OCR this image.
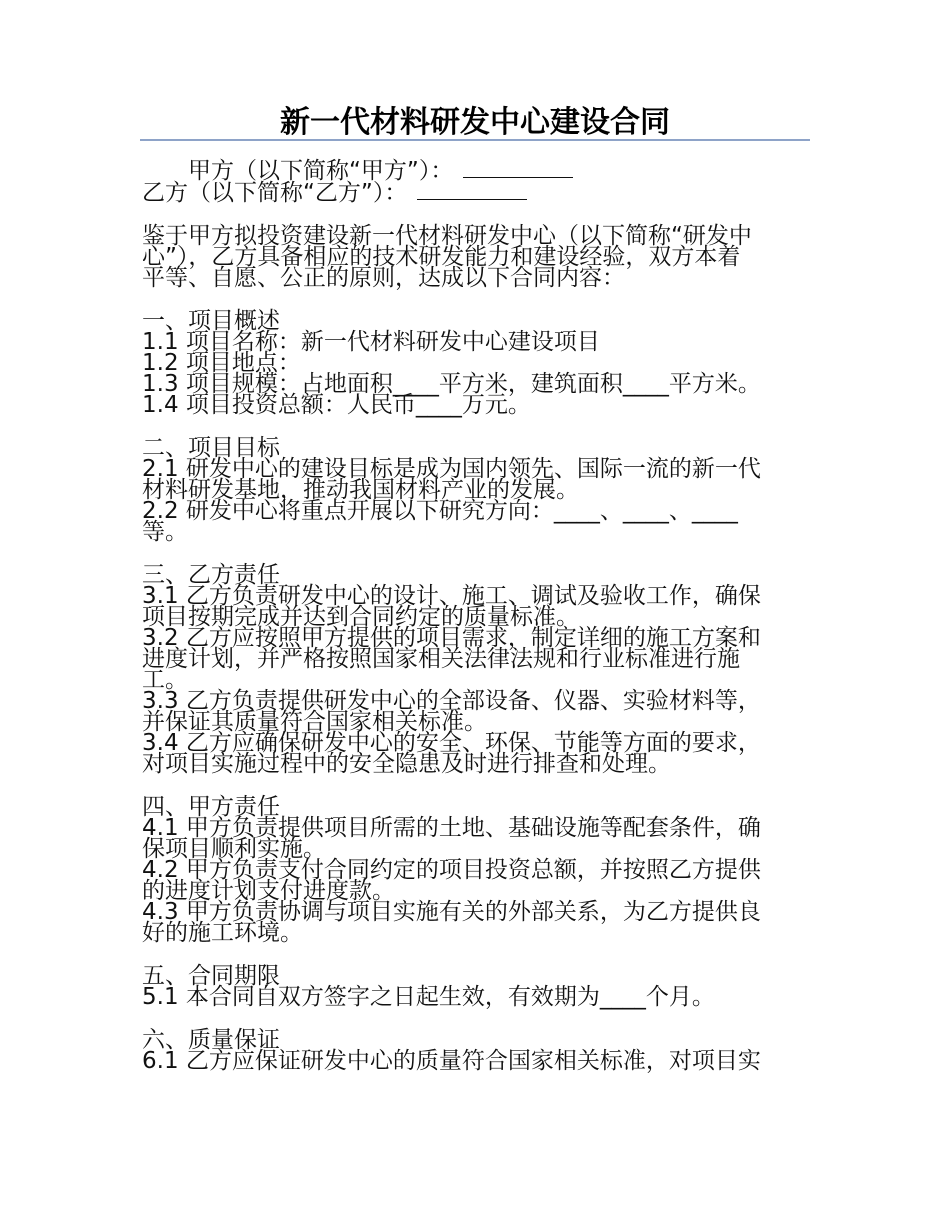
新一代材料研发中心建设合同
甲方（以下简称“甲方”）：
乙方（以下简称“乙方”）：
鉴于甲方拟投资建设新一代材料研发中心（以下简称“研发中
心”），乙方具备相应的技术研发能力和建设经验，双方本着
平等、自愿、公正的原则，达成以下合同内容：
一、项目概述
1.1 项目名称：新一代材料研发中心建设项目
1.2 项目地点：
1.3 项目规模：占地面积____平方米，建筑面积____平方米。
1.4 项目投资总额：人民币____万元。
二、项目目标
2.1 研发中心的建设目标是成为国内领先、国际一流的新一代
材料研发基地，推动我国材料产业的发展。
2.2 研发中心将重点开展以下研究方向：____、____、____
等。
三、乙方责任
3.1 乙方负责研发中心的设计、施工、调试及验收工作，确保
项目按期完成并达到合同约定的质量标准。
3.2 乙方应按照甲方提供的项目需求，制定详细的施工方案和
进度计划，并严格按照国家相关法律法规和行业标准进行施
工。
3.3 乙方负责提供研发中心的全部设备、仪器、实验材料等，
并保证其质量符合国家相关标准。
3.4 乙方应确保研发中心的安全、环保、节能等方面的要求，
对项目实施过程中的安全隐患及时进行排查和处理。
四、甲方责任
4.1 甲方负责提供项目所需的土地、基础设施等配套条件，确
保项目顺利实施。
4.2 甲方负责支付合同约定的项目投资总额，并按照乙方提供
的进度计划支付进度款。
4.3 甲方负责协调与项目实施有关的外部关系，为乙方提供良
好的施工环境。
五、合同期限
5.1 本合同自双方签字之日起生效，有效期为____个月。
六、质量保证
6.1 乙方应保证研发中心的质量符合国家相关标准，对项目实
